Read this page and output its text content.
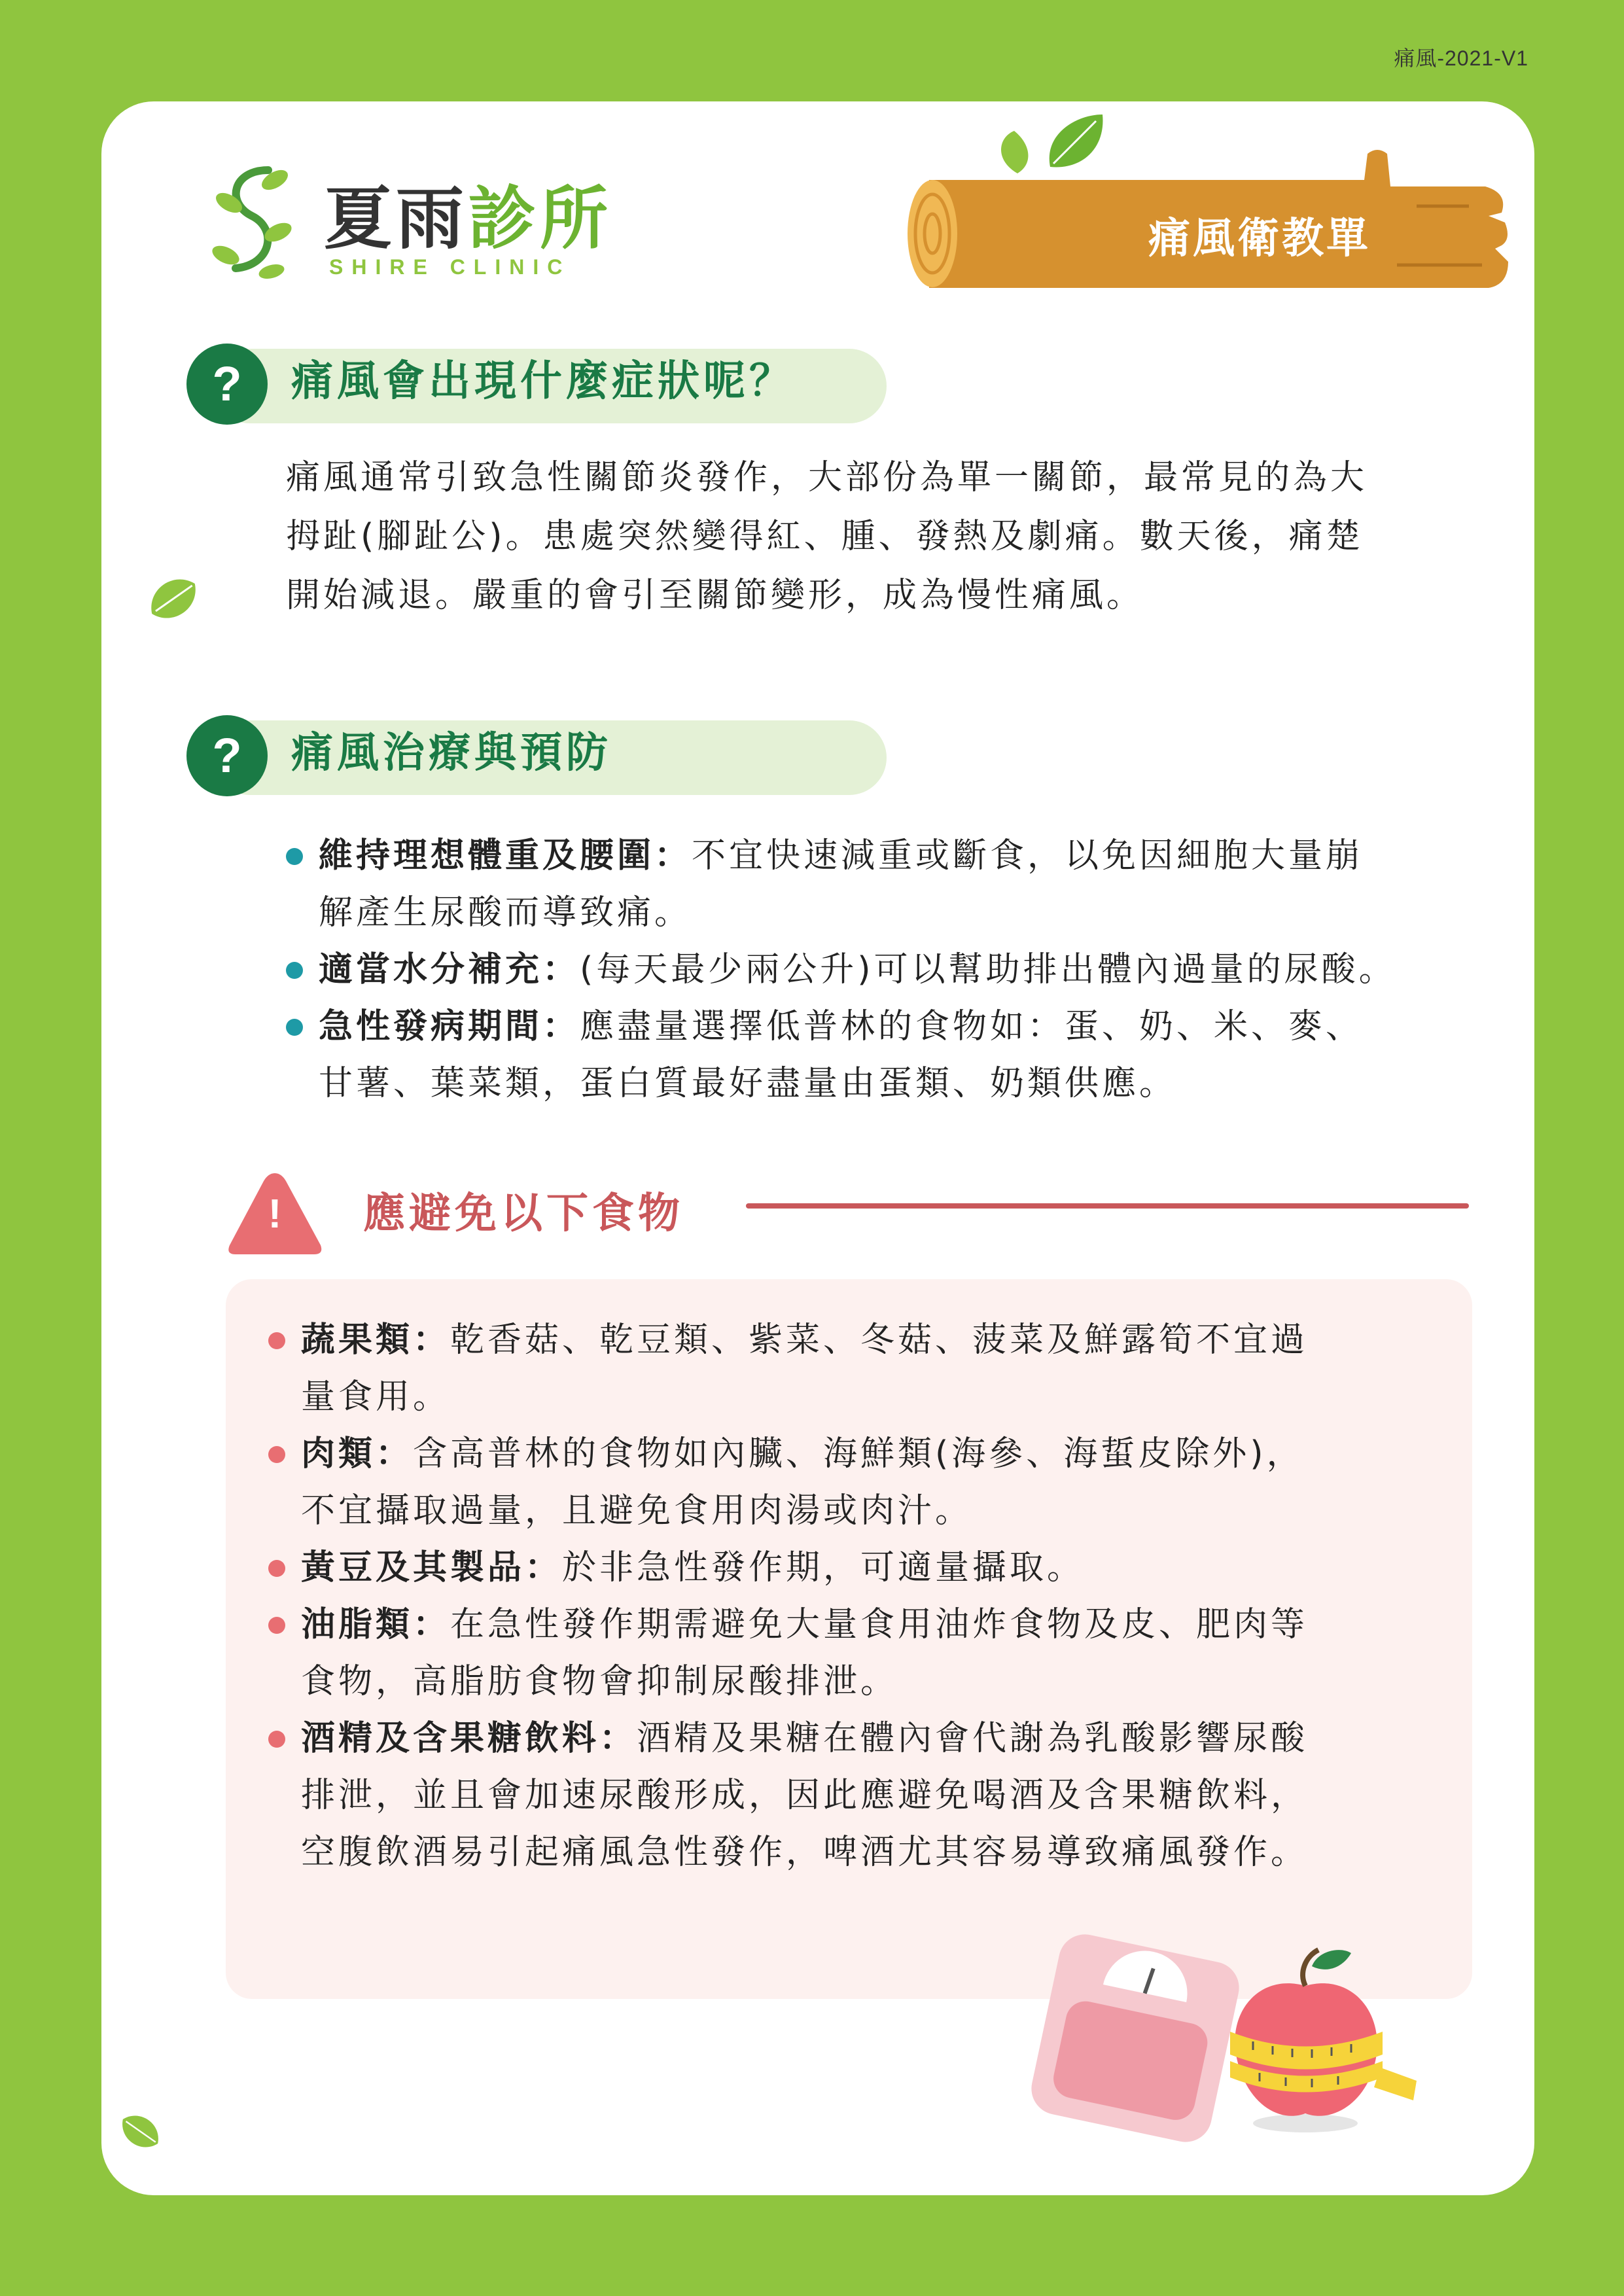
痛風-2021-V1
夏雨診所
SHIRE CLINIC
痛風衛教單
?	痛風會出現什麼症狀呢？
痛風通常引致急性關節炎發作，大部份為單一關節，最常見的為大
拇趾(腳趾公)。患處突然變得紅、腫、發熱及劇痛。數天後，痛楚
開始減退。嚴重的會引至關節變形，成為慢性痛風。
?	痛風治療與預防
維持理想體重及腰圍：不宜快速減重或斷食，以免因細胞大量崩
解產生尿酸而導致痛。
適當水分補充：(每天最少兩公升)可以幫助排出體內過量的尿酸。
急性發病期間：應盡量選擇低普林的食物如：蛋、奶、米、麥、
甘薯、葉菜類，蛋白質最好盡量由蛋類、奶類供應。
!	應避免以下食物
蔬果類：乾香菇、乾豆類、紫菜、冬菇、菠菜及鮮露筍不宜過
量食用。
肉類：含高普林的食物如內臟、海鮮類(海參、海蜇皮除外)，
不宜攝取過量，且避免食用肉湯或肉汁。
黃豆及其製品：於非急性發作期，可適量攝取。
油脂類：在急性發作期需避免大量食用油炸食物及皮、肥肉等
食物，高脂肪食物會抑制尿酸排泄。
酒精及含果糖飲料：酒精及果糖在體內會代謝為乳酸影響尿酸
排泄，並且會加速尿酸形成，因此應避免喝酒及含果糖飲料，
空腹飲酒易引起痛風急性發作，啤酒尤其容易導致痛風發作。
